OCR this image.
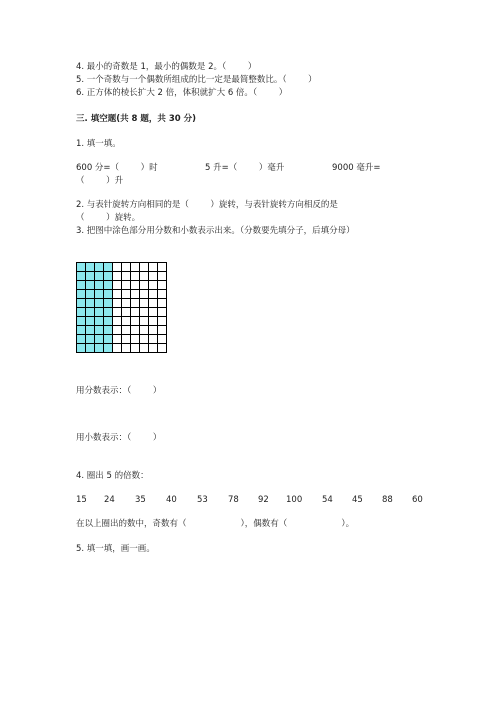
4. 最小的奇数是 1，最小的偶数是 2。（        ）
5. 一个奇数与一个偶数所组成的比一定是最简整数比。（        ）
6. 正方体的棱长扩大 2 倍，体积就扩大 6 倍。（        ）
三. 填空题(共 8 题，共 30 分)
1. 填一填。
600 分=（        ）时	5 升=（        ）毫升	9000 毫升=
（        ）升
2. 与表针旋转方向相同的是（        ）旋转，与表针旋转方向相反的是
（        ）旋转。
3. 把图中涂色部分用分数和小数表示出来。（分数要先填分子，后填分母）
用分数表示：（        ）
用小数表示：（        ）
4. 圈出 5 的倍数：
15 24 35 40 53 78 92 100 54 45 88 60
在以上圈出的数中，奇数有（                    ），偶数有（                    ）。
5. 填一填，画一画。
